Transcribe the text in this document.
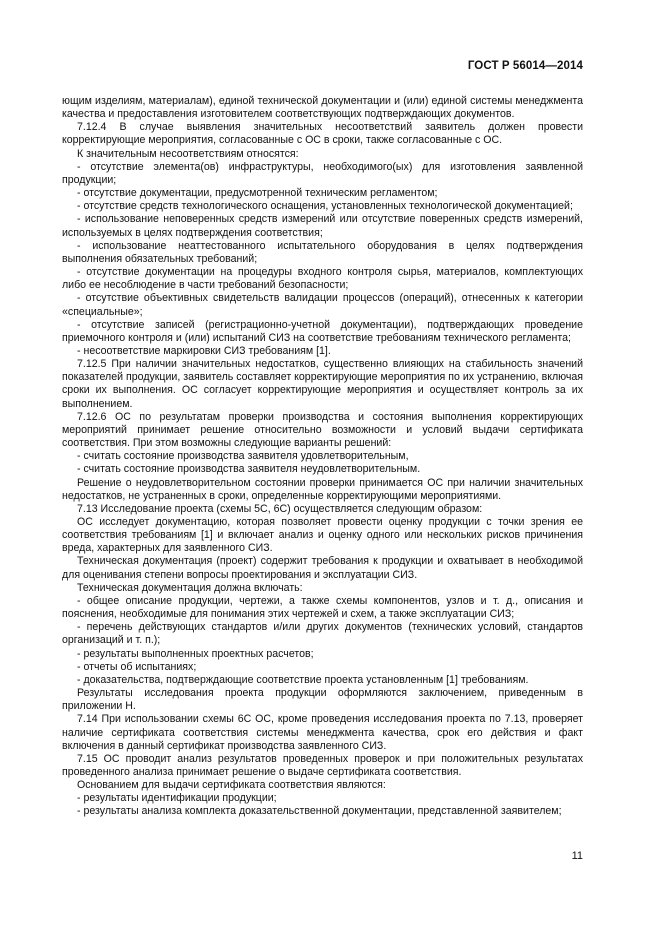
ГОСТ Р 56014—2014

ющим изделиям, материалам), единой технической документации и (или) единой системы менеджмента качества и предоставления изготовителем соответствующих подтверждающих документов.

7.12.4 В случае выявления значительных несоответствий заявитель должен провести корректирующие мероприятия, согласованные с ОС в сроки, также согласованные с ОС.

К значительным несоответствиям относятся:

- отсутствие элемента(ов) инфраструктуры, необходимого(ых) для изготовления заявленной продукции;

- отсутствие документации, предусмотренной техническим регламентом;

- отсутствие средств технологического оснащения, установленных технологической документацией;

- использование неповеренных средств измерений или отсутствие поверенных средств измерений, используемых в целях подтверждения соответствия;

- использование неаттестованного испытательного оборудования в целях подтверждения выполнения обязательных требований;

- отсутствие документации на процедуры входного контроля сырья, материалов, комплектующих либо ее несоблюдение в части требований безопасности;

- отсутствие объективных свидетельств валидации процессов (операций), отнесенных к категории «специальные»;

- отсутствие записей (регистрационно-учетной документации), подтверждающих проведение приемочного контроля и (или) испытаний СИЗ на соответствие требованиям технического регламента;

- несоответствие маркировки СИЗ требованиям [1].

7.12.5 При наличии значительных недостатков, существенно влияющих на стабильность значений показателей продукции, заявитель составляет корректирующие мероприятия по их устранению, включая сроки их выполнения. ОС согласует корректирующие мероприятия и осуществляет контроль за их выполнением.

7.12.6 ОС по результатам проверки производства и состояния выполнения корректирующих мероприятий принимает решение относительно возможности и условий выдачи сертификата соответствия. При этом возможны следующие варианты решений:

- считать состояние производства заявителя удовлетворительным,

- считать состояние производства заявителя неудовлетворительным.

Решение о неудовлетворительном состоянии проверки принимается ОС при наличии значительных недостатков, не устраненных в сроки, определенные корректирующими мероприятиями.

7.13 Исследование проекта (схемы 5С, 6С) осуществляется следующим образом:

ОС исследует документацию, которая позволяет провести оценку продукции с точки зрения ее соответствия требованиям [1] и включает анализ и оценку одного или нескольких рисков причинения вреда, характерных для заявленного СИЗ.

Техническая документация (проект) содержит требования к продукции и охватывает в необходимой для оценивания степени вопросы проектирования и эксплуатации СИЗ.

Техническая документация должна включать:

- общее описание продукции, чертежи, а также схемы компонентов, узлов и т. д., описания и пояснения, необходимые для понимания этих чертежей и схем, а также эксплуатации СИЗ;

- перечень действующих стандартов и/или других документов (технических условий, стандартов организаций и т. п.);

- результаты выполненных проектных расчетов;

- отчеты об испытаниях;

- доказательства, подтверждающие соответствие проекта установленным [1] требованиям.

Результаты исследования проекта продукции оформляются заключением, приведенным в приложении Н.

7.14 При использовании схемы 6С ОС, кроме проведения исследования проекта по 7.13, проверяет наличие сертификата соответствия системы менеджмента качества, срок его действия и факт включения в данный сертификат производства заявленного СИЗ.

7.15 ОС проводит анализ результатов проведенных проверок и при положительных результатах проведенного анализа принимает решение о выдаче сертификата соответствия.

Основанием для выдачи сертификата соответствия являются:

- результаты идентификации продукции;

- результаты анализа комплекта доказательственной документации, представленной заявителем;

11
